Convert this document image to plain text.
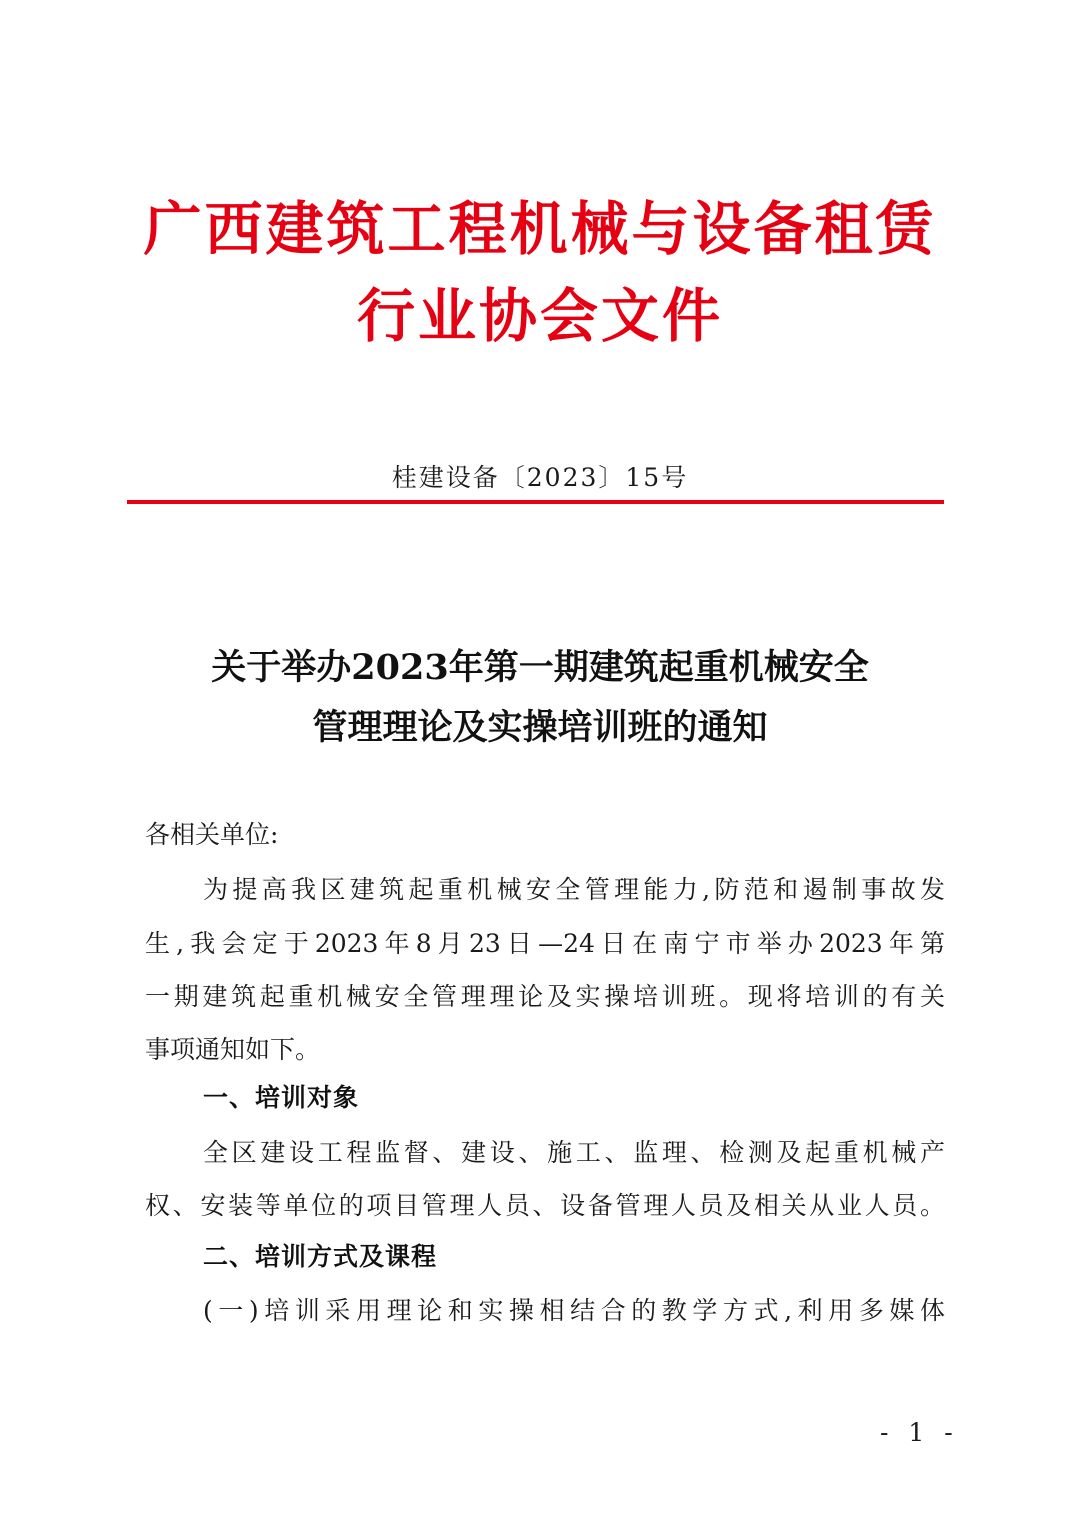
广西建筑工程机械与设备租赁
行业协会文件
桂建设备〔2023〕15号
关于举办2023年第一期建筑起重机械安全
管理理论及实操培训班的通知
各相关单位:
为提高我区建筑起重机械安全管理能力,防范和遏制事故发
生,我会定于2023年8月23日—24日在南宁市举办2023年第
一期建筑起重机械安全管理理论及实操培训班。现将培训的有关
事项通知如下。
一、培训对象
全区建设工程监督、建设、施工、监理、检测及起重机械产
权、安装等单位的项目管理人员、设备管理人员及相关从业人员。
二、培训方式及课程
(一)培训采用理论和实操相结合的教学方式,利用多媒体
- 1 -
